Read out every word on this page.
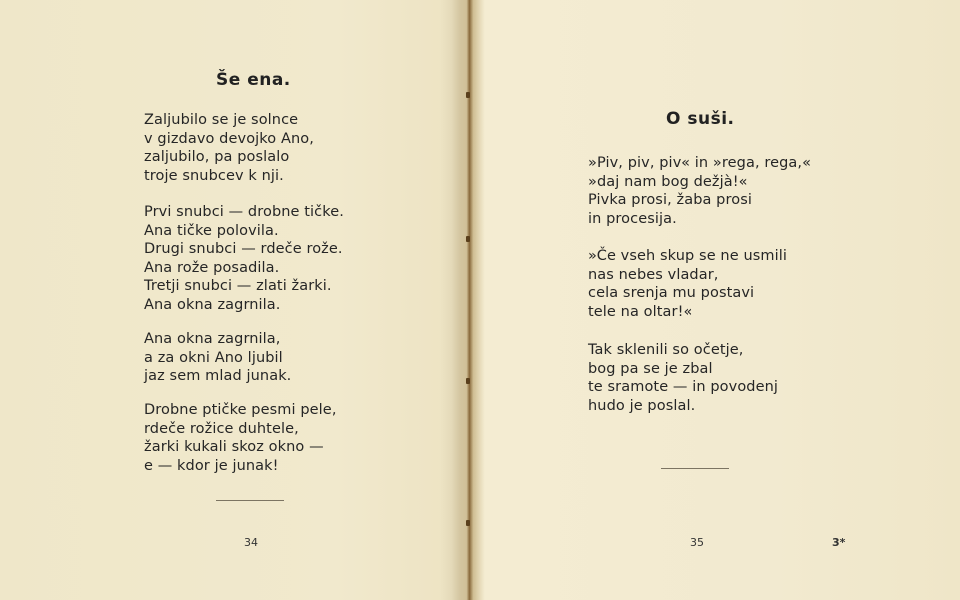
Še ena.
Zaljubilo se je solnce
v gizdavo devojko Ano,
zaljubilo, pa poslalo
troje snubcev k nji.
Prvi snubci — drobne tičke.
Ana tičke polovila.
Drugi snubci — rdeče rože.
Ana rože posadila.
Tretji snubci — zlati žarki.
Ana okna zagrnila.
Ana okna zagrnila,
a za okni Ano ljubil
jaz sem mlad junak.
Drobne ptičke pesmi pele,
rdeče rožice duhtele,
žarki kukali skoz okno —
e — kdor je junak!
34
O suši.
»Piv, piv, piv« in »rega, rega,«
»daj nam bog dežjà!«
Pivka prosi, žaba prosi
in procesija.
»Če vseh skup se ne usmili
nas nebes vladar,
cela srenja mu postavi
tele na oltar!«
Tak sklenili so očetje,
bog pa se je zbal
te sramote — in povodenj
hudo je poslal.
35	3*
